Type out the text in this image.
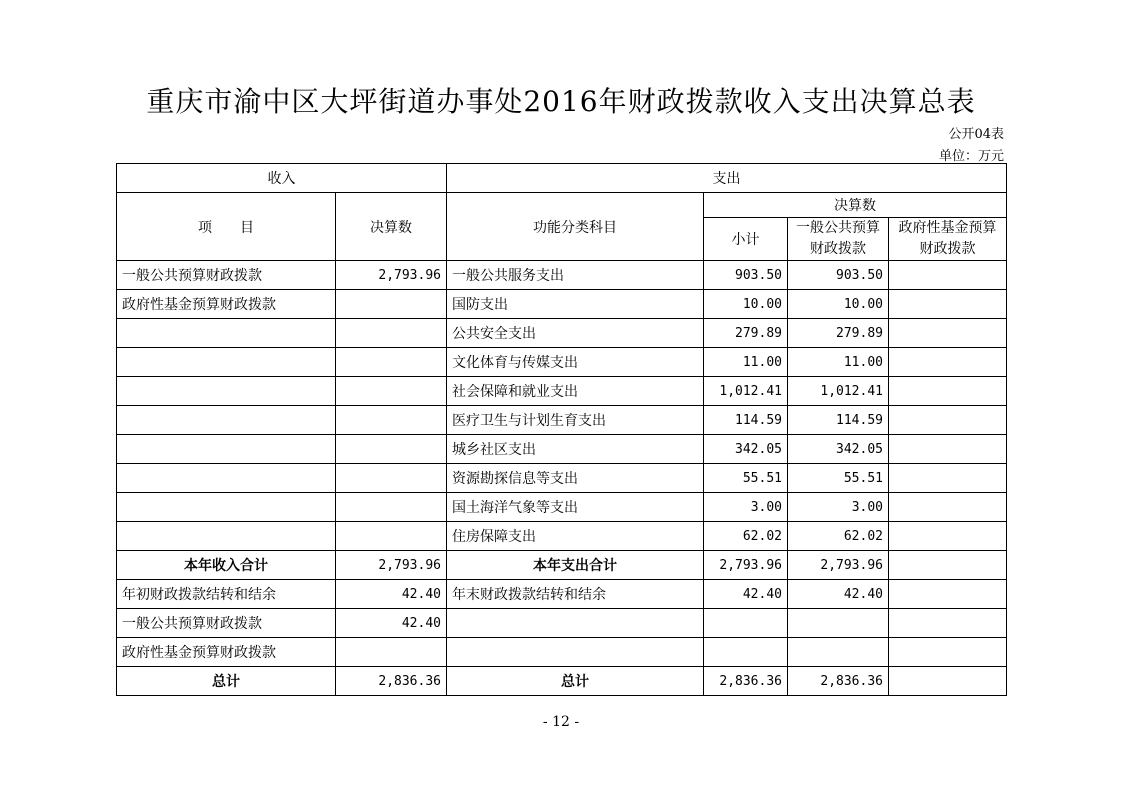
重庆市渝中区大坪街道办事处2016年财政拨款收入支出决算总表
公开04表
单位：万元
收入		支出			
项　　目	决算数	功能分类科目	决算数		
			小计	一般公共预算财政拨款	政府性基金预算财政拨款
一般公共预算财政拨款	2,793.96	一般公共服务支出	903.50	903.50	
政府性基金预算财政拨款		国防支出	10.00	10.00	
		公共安全支出	279.89	279.89	
		文化体育与传媒支出	11.00	11.00	
		社会保障和就业支出	1,012.41	1,012.41	
		医疗卫生与计划生育支出	114.59	114.59	
		城乡社区支出	342.05	342.05	
		资源勘探信息等支出	55.51	55.51	
		国土海洋气象等支出	3.00	3.00	
		住房保障支出	62.02	62.02	
本年收入合计	2,793.96	本年支出合计	2,793.96	2,793.96	
年初财政拨款结转和结余	42.40	年末财政拨款结转和结余	42.40	42.40	
一般公共预算财政拨款	42.40				
政府性基金预算财政拨款					
总计	2,836.36	总计	2,836.36	2,836.36	
- 12 -
